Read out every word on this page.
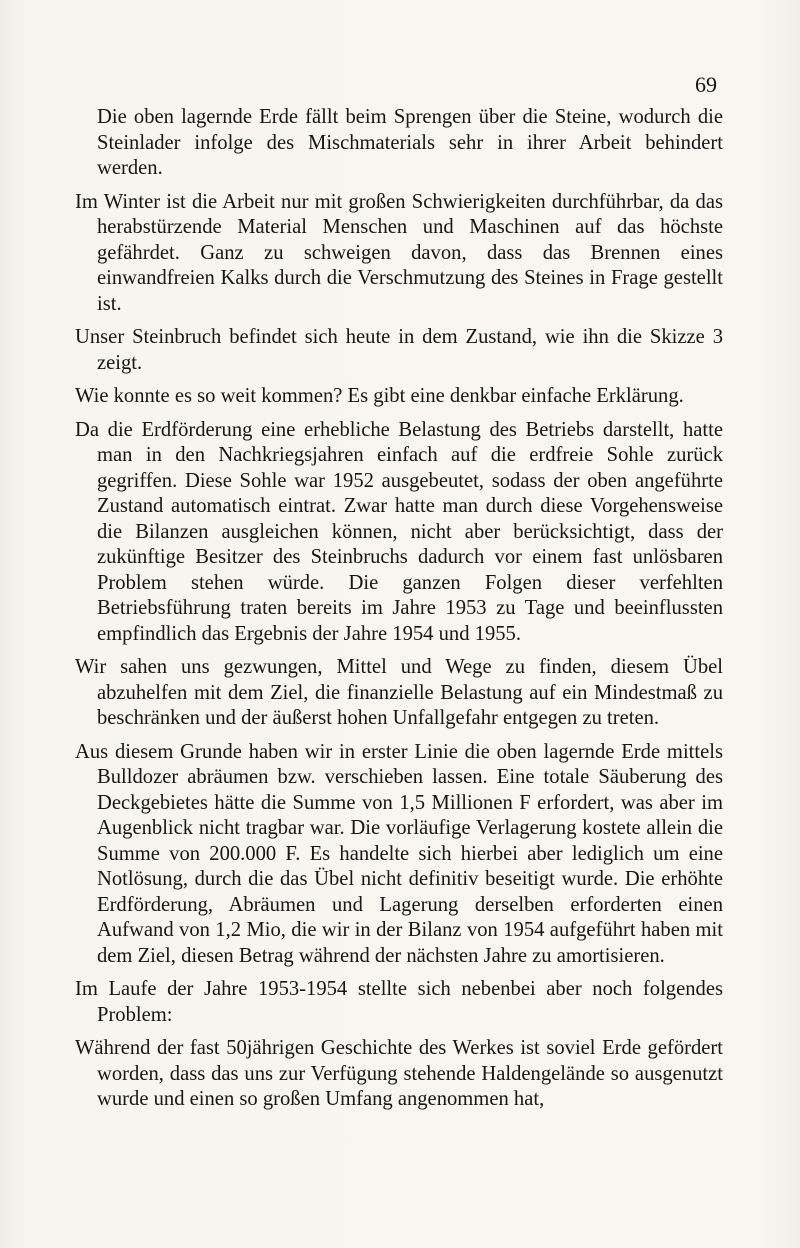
69

Die oben lagernde Erde fällt beim Sprengen über die Steine, wodurch die Steinlader infolge des Mischmaterials sehr in ihrer Arbeit behindert werden.

Im Winter ist die Arbeit nur mit großen Schwierigkeiten durchführbar, da das herabstürzende Material Menschen und Maschinen auf das höchste gefährdet. Ganz zu schweigen davon, dass das Brennen eines einwandfreien Kalks durch die Verschmutzung des Steines in Frage gestellt ist.

Unser Steinbruch befindet sich heute in dem Zustand, wie ihn die Skizze 3 zeigt.

Wie konnte es so weit kommen? Es gibt eine denkbar einfache Erklärung.

Da die Erdförderung eine erhebliche Belastung des Betriebs darstellt, hatte man in den Nachkriegsjahren einfach auf die erdfreie Sohle zurück gegriffen. Diese Sohle war 1952 ausgebeutet, sodass der oben angeführte Zustand automatisch eintrat. Zwar hatte man durch diese Vorgehensweise die Bilanzen ausgleichen können, nicht aber berücksichtigt, dass der zukünftige Besitzer des Steinbruchs dadurch vor einem fast unlösbaren Problem stehen würde. Die ganzen Folgen dieser verfehlten Betriebsführung traten bereits im Jahre 1953 zu Tage und beeinflussten empfindlich das Ergebnis der Jahre 1954 und 1955.

Wir sahen uns gezwungen, Mittel und Wege zu finden, diesem Übel abzuhelfen mit dem Ziel, die finanzielle Belastung auf ein Mindestmaß zu beschränken und der äußerst hohen Unfallgefahr entgegen zu treten.

Aus diesem Grunde haben wir in erster Linie die oben lagernde Erde mittels Bulldozer abräumen bzw. verschieben lassen. Eine totale Säuberung des Deckgebietes hätte die Summe von 1,5 Millionen F erfordert, was aber im Augenblick nicht tragbar war. Die vorläufige Verlagerung kostete allein die Summe von 200.000 F. Es handelte sich hierbei aber lediglich um eine Notlösung, durch die das Übel nicht definitiv beseitigt wurde. Die erhöhte Erdförderung, Abräumen und Lagerung derselben erforderten einen Aufwand von 1,2 Mio, die wir in der Bilanz von 1954 aufgeführt haben mit dem Ziel, diesen Betrag während der nächsten Jahre zu amortisieren.

Im Laufe der Jahre 1953-1954 stellte sich nebenbei aber noch folgendes Problem:

Während der fast 50jährigen Geschichte des Werkes ist soviel Erde gefördert worden, dass das uns zur Verfügung stehende Haldengelände so ausgenutzt wurde und einen so großen Umfang angenommen hat,
